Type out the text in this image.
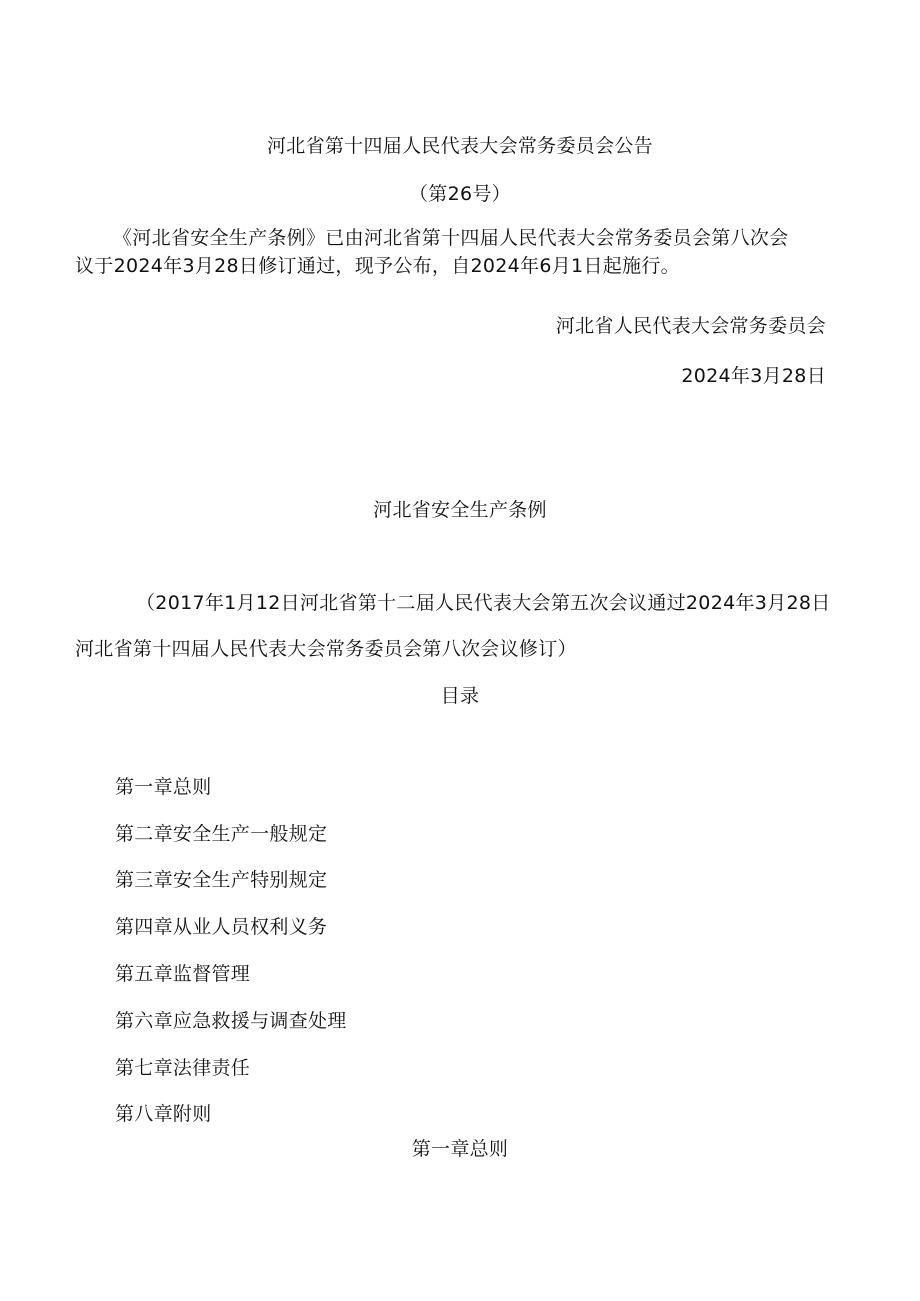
河北省第十四届人民代表大会常务委员会公告
（第26号）
《河北省安全生产条例》已由河北省第十四届人民代表大会常务委员会第八次会
议于2024年3月28日修订通过，现予公布，自2024年6月1日起施行。
河北省人民代表大会常务委员会
2024年3月28日
河北省安全生产条例
（2017年1月12日河北省第十二届人民代表大会第五次会议通过2024年3月28日
河北省第十四届人民代表大会常务委员会第八次会议修订）
目录
第一章总则
第二章安全生产一般规定
第三章安全生产特别规定
第四章从业人员权利义务
第五章监督管理
第六章应急救援与调查处理
第七章法律责任
第八章附则
第一章总则
